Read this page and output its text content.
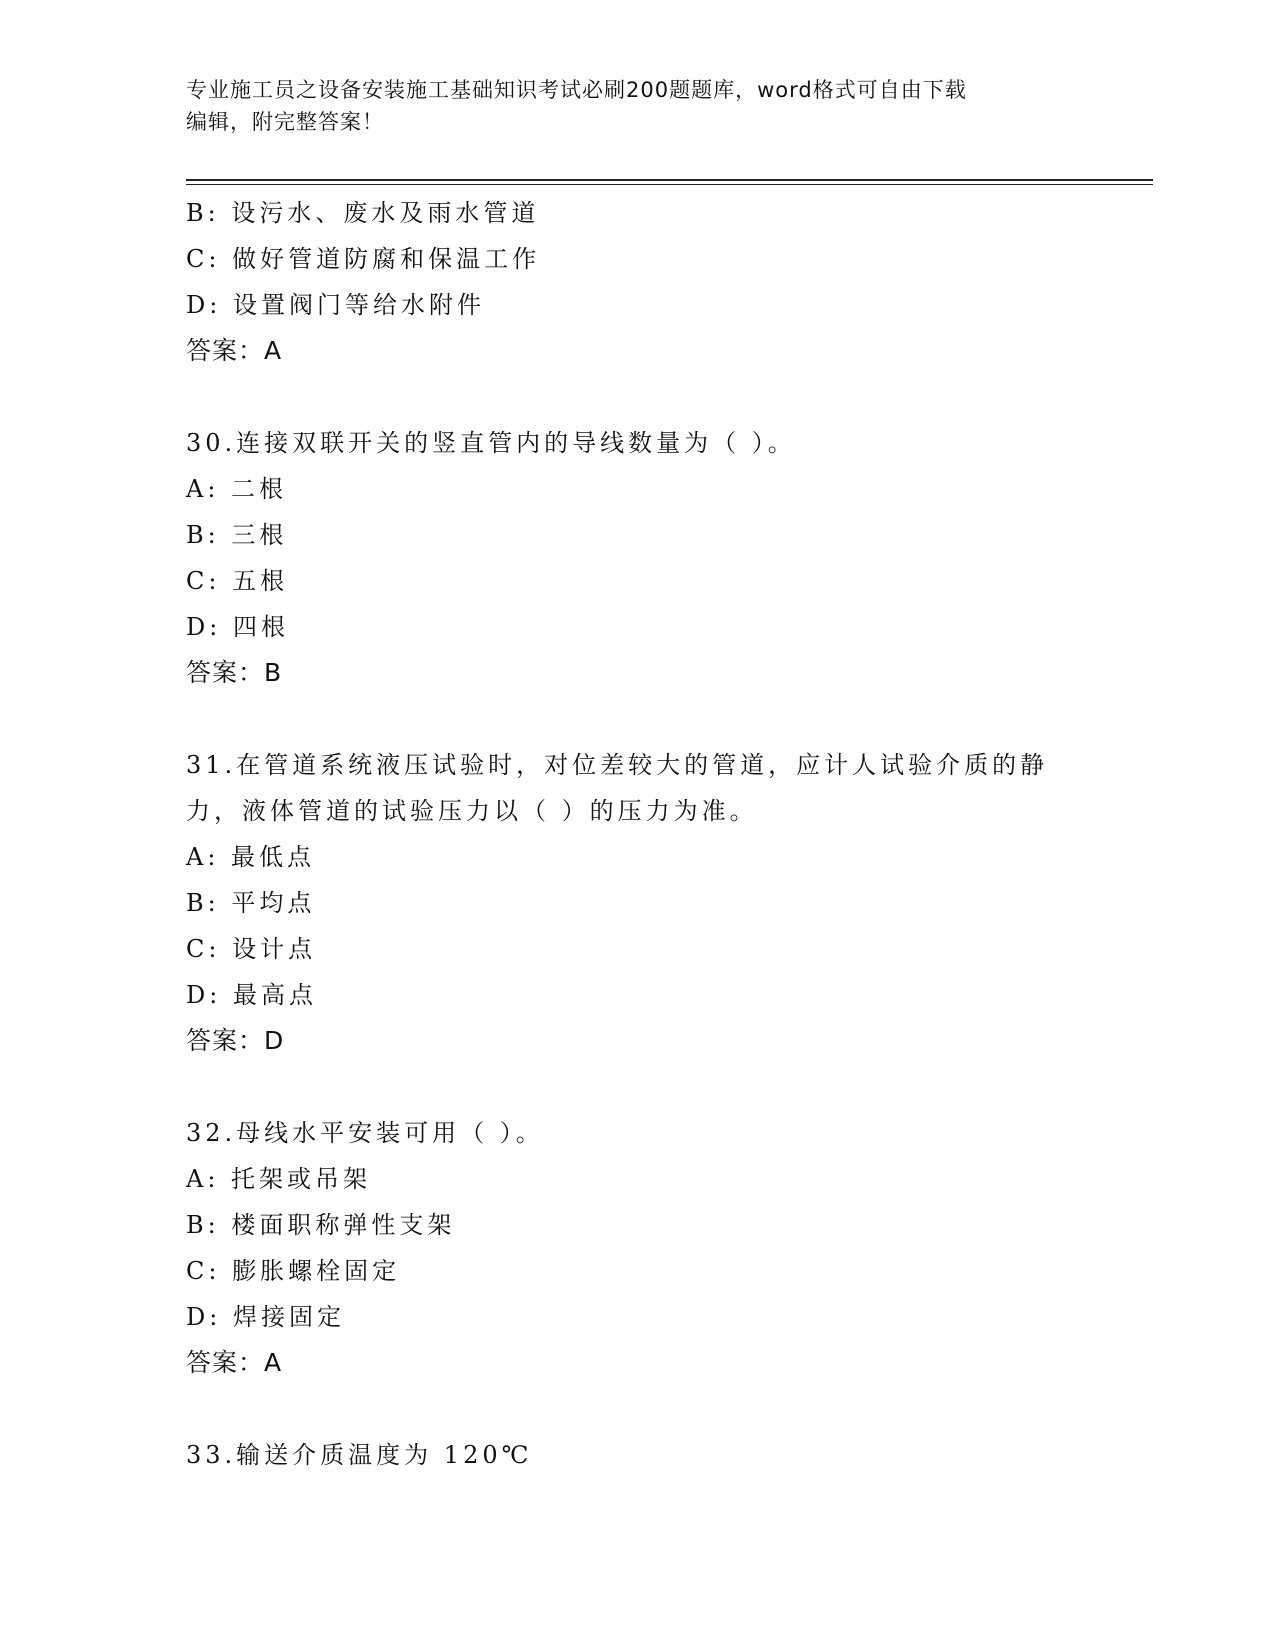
专业施工员之设备安装施工基础知识考试必刷200题题库，word格式可自由下载
编辑，附完整答案！
B: 设污水、废水及雨水管道
C: 做好管道防腐和保温工作
D: 设置阀门等给水附件
答案：A
30.连接双联开关的竖直管内的导线数量为（ ）。
A: 二根
B: 三根
C: 五根
D: 四根
答案：B
31.在管道系统液压试验时，对位差较大的管道，应计人试验介质的静
力，液体管道的试验压力以（ ）的压力为准。
A: 最低点
B: 平均点
C: 设计点
D: 最高点
答案：D
32.母线水平安装可用（ ）。
A: 托架或吊架
B: 楼面职称弹性支架
C: 膨胀螺栓固定
D: 焊接固定
答案：A
33.输送介质温度为 120℃
